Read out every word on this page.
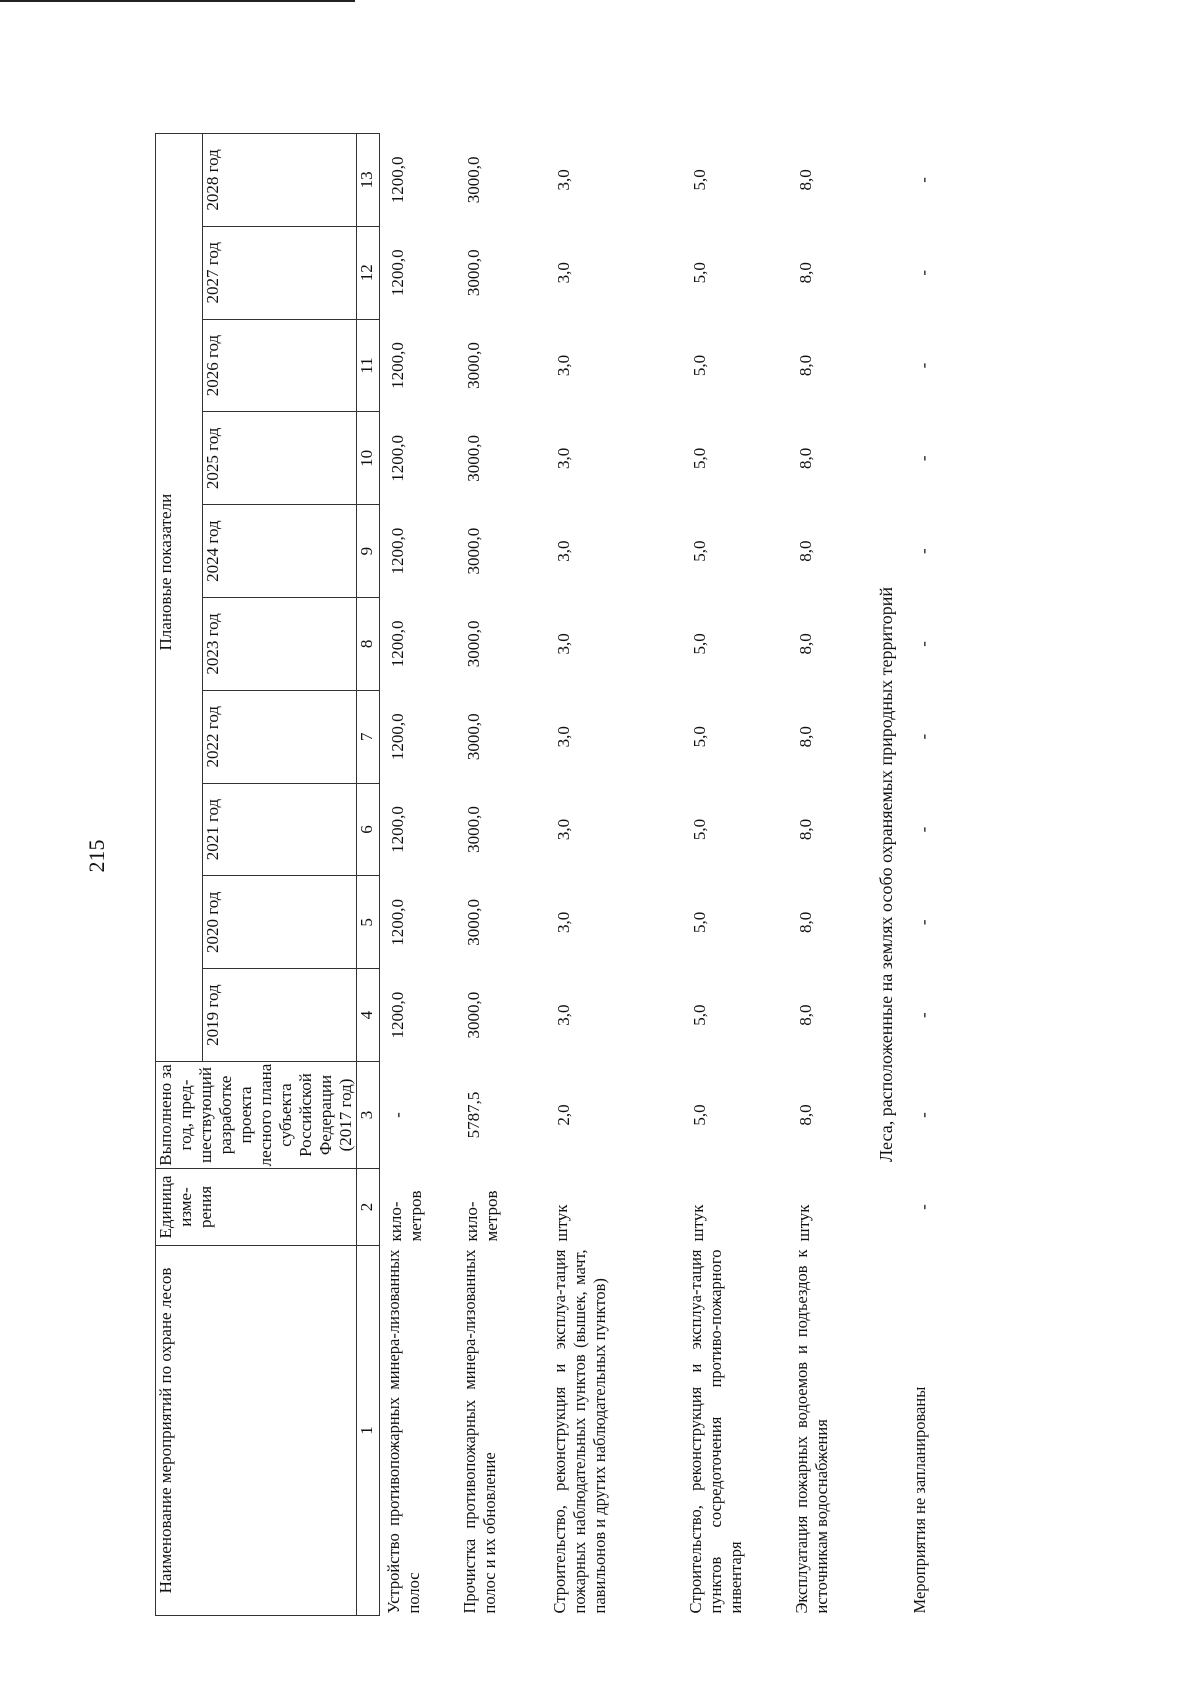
215
Наименование мероприятий по охране лесов	Единица изме-рения	Выполнено за год, пред-шествующий разработке проекта лесного плана субъекта Российской Федерации (2017 год)					Плановые показатели					
			2019 год	2020 год	2021 год	2022 год	2023 год	2024 год	2025 год	2026 год	2027 год	2028 год
1	2	3	4	5	6	7	8	9	10	11	12	13
Устройство противопожарных минера-лизованных полос	кило-метров	-	1200,0	1200,0	1200,0	1200,0	1200,0	1200,0	1200,0	1200,0	1200,0	1200,0
Прочистка противопожарных минера-лизованных полос и их обновление	кило-метров	5787,5	3000,0	3000,0	3000,0	3000,0	3000,0	3000,0	3000,0	3000,0	3000,0	3000,0
Строительство, реконструкция и эксплуа-тация пожарных наблюдательных пунктов (вышек, мачт, павильонов и других наблюдательных пунктов)	штук	2,0	3,0	3,0	3,0	3,0	3,0	3,0	3,0	3,0	3,0	3,0
Строительство, реконструкция и эксплуа-тация пунктов сосредоточения противо-пожарного инвентаря	штук	5,0	5,0	5,0	5,0	5,0	5,0	5,0	5,0	5,0	5,0	5,0
Эксплуатация пожарных водоемов и подъездов к источникам водоснабжения	штук	8,0	8,0	8,0	8,0	8,0	8,0	8,0	8,0	8,0	8,0	8,0
Леса, расположенные на землях особо охраняемых природных территорий												
Мероприятия не запланированы	-	-	-	-	-	-	-	-	-	-	-	-
